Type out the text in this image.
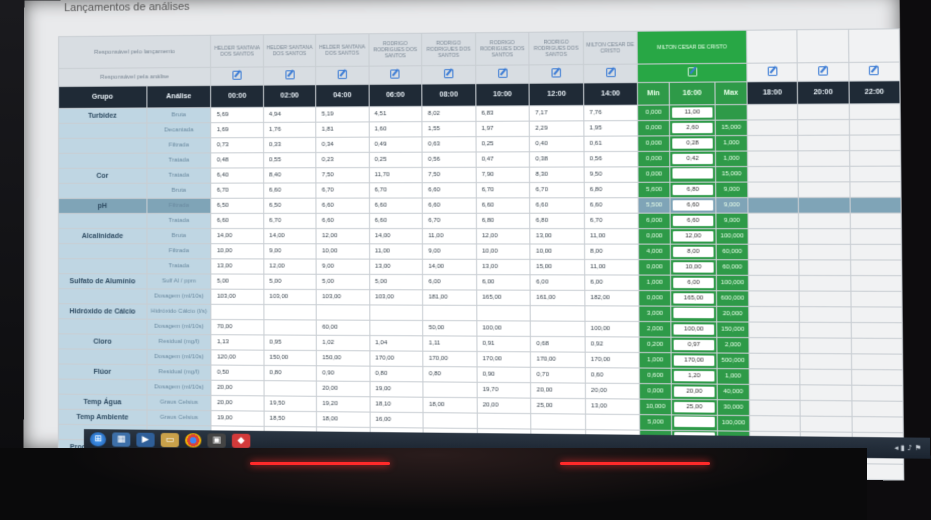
Lançamentos de análises
Responsável pelo lançamento		HELDER SANTANA DOS SANTOS	HELDER SANTANA DOS SANTOS	HELDER SANTANA DOS SANTOS	RODRIGO RODRIGUES DOS SANTOS	RODRIGO RODRIGUES DOS SANTOS	RODRIGO RODRIGUES DOS SANTOS	RODRIGO RODRIGUES DOS SANTOS	MILTON CESAR DE CRISTO	MILTON CESAR DE CRISTO					
Responsável pela análise															
Grupo	Análise	00:00	02:00	04:00	06:00	08:00	10:00	12:00	14:00	Min	16:00	Max	18:00	20:00	22:00
Turbidez	Bruta	5,69	4,94	5,19	4,51	8,02	6,83	7,17	7,76	0,000	11,00				
	Decantada	1,69	1,76	1,81	1,60	1,55	1,97	2,29	1,95	0,000	2,60	15,000			
	Filtrada	0,73	0,33	0,34	0,49	0,63	0,25	0,40	0,61	0,000	0,28	1,000			
	Tratada	0,48	0,55	0,23	0,25	0,56	0,47	0,38	0,56	0,000	0,42	1,000			
Cor	Tratada	6,40	8,40	7,50	11,70	7,50	7,90	8,30	9,50	0,000		15,000			
	Bruta	6,70	6,60	6,70	6,70	6,60	6,70	6,70	6,80	5,600	6,80	9,000			
pH	Filtrada	6,50	6,50	6,60	6,60	6,60	6,60	6,60	6,60	5,500	6,60	9,000			
	Tratada	6,60	6,70	6,60	6,60	6,70	6,80	6,80	6,70	6,000	6,60	9,000			
Alcalinidade	Bruta	14,00	14,00	12,00	14,00	11,00	12,00	13,00	11,00	0,000	12,00	100,000			
	Filtrada	10,00	9,00	10,00	11,00	9,00	10,00	10,00	8,00	4,000	8,00	60,000			
	Tratada	13,00	12,00	9,00	13,00	14,00	13,00	15,00	11,00	0,000	10,00	60,000			
Sulfato de Alumínio	Sulf Al / ppm	5,00	5,00	5,00	5,00	6,00	6,00	6,00	6,00	1,000	6,00	100,000			
	Dosagem (ml/10s)	103,00	103,00	103,00	103,00	181,00	165,00	161,00	182,00	0,000	165,00	600,000			
Hidróxido de Cálcio	Hidróxido Cálcio (l/s)									3,000		20,000			
	Dosagem (ml/10s)	70,00		60,00		50,00	100,00		100,00	2,000	100,00	150,000			
Cloro	Residual (mg/l)	1,13	0,95	1,02	1,04	1,11	0,91	0,68	0,92	0,200	0,97	2,000			
	Dosagem (ml/10s)	120,00	150,00	150,00	170,00	170,00	170,00	170,00	170,00	1,000	170,00	500,000			
Flúor	Residual (mg/l)	0,50	0,80	0,90	0,80	0,80	0,90	0,70	0,60	0,600	1,20	1,000			
	Dosagem (ml/10s)	20,00		20,00	19,00		19,70	20,00	20,00	0,000	20,00	40,000			
Temp Água	Graus Celsius	20,00	19,50	19,20	18,10	18,00	20,00	25,00	13,00	10,000	25,00	30,000			
Temp Ambiente	Graus Celsius	19,00	18,50	18,00	16,00					5,000		100,000			

⊞	▦	▶	▭	▣	◆
◂ ▮ ♪ ⚑
